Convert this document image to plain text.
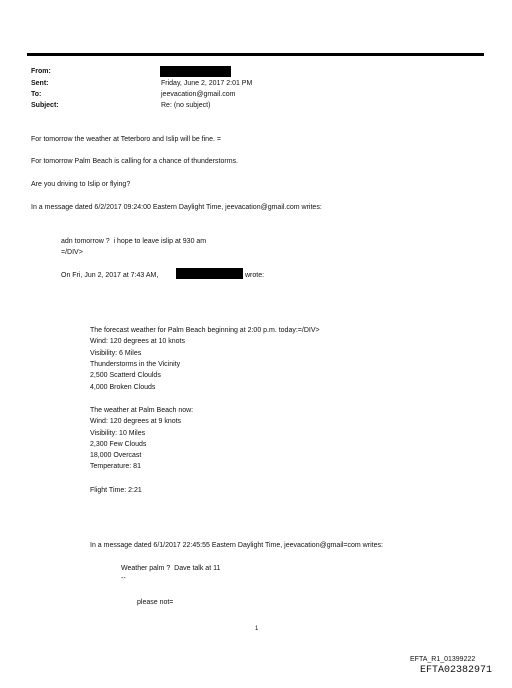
From:
Sent:	Friday, June 2, 2017 2:01 PM
To:	jeevacation@gmail.com
Subject:	Re: (no subject)
For tomorrow the weather at Teterboro and Islip will be fine. =
For tomorrow Palm Beach is calling for a chance of thunderstorms.
Are you driving to Islip or flying?
In a message dated 6/2/2017 09:24:00 Eastern Daylight Time, jeevacation@gmail.com writes:
adn tomorrow ?  i hope to leave islip at 930 am
=/DIV>
On Fri, Jun 2, 2017 at 7:43 AM,	wrote:
The forecast weather for Palm Beach beginning at 2:00 p.m. today:=/DIV>
Wind: 120 degrees at 10 knots
Visibility: 6 Miles
Thunderstorms in the Vicinity
2,500 Scatterd Cloulds
4,000 Broken Clouds
The weather at Palm Beach now:
Wind: 120 degrees at 9 knots
Visibility: 10 Miles
2,300 Few Clouds
18,000 Overcast
Temperature: 81
Flight Time: 2:21
In a message dated 6/1/2017 22:45:55 Eastern Daylight Time, jeevacation@gmail=com writes:
Weather palm ?  Dave talk at 11
--
please not=
1
EFTA_R1_01399222
EFTA02382971
